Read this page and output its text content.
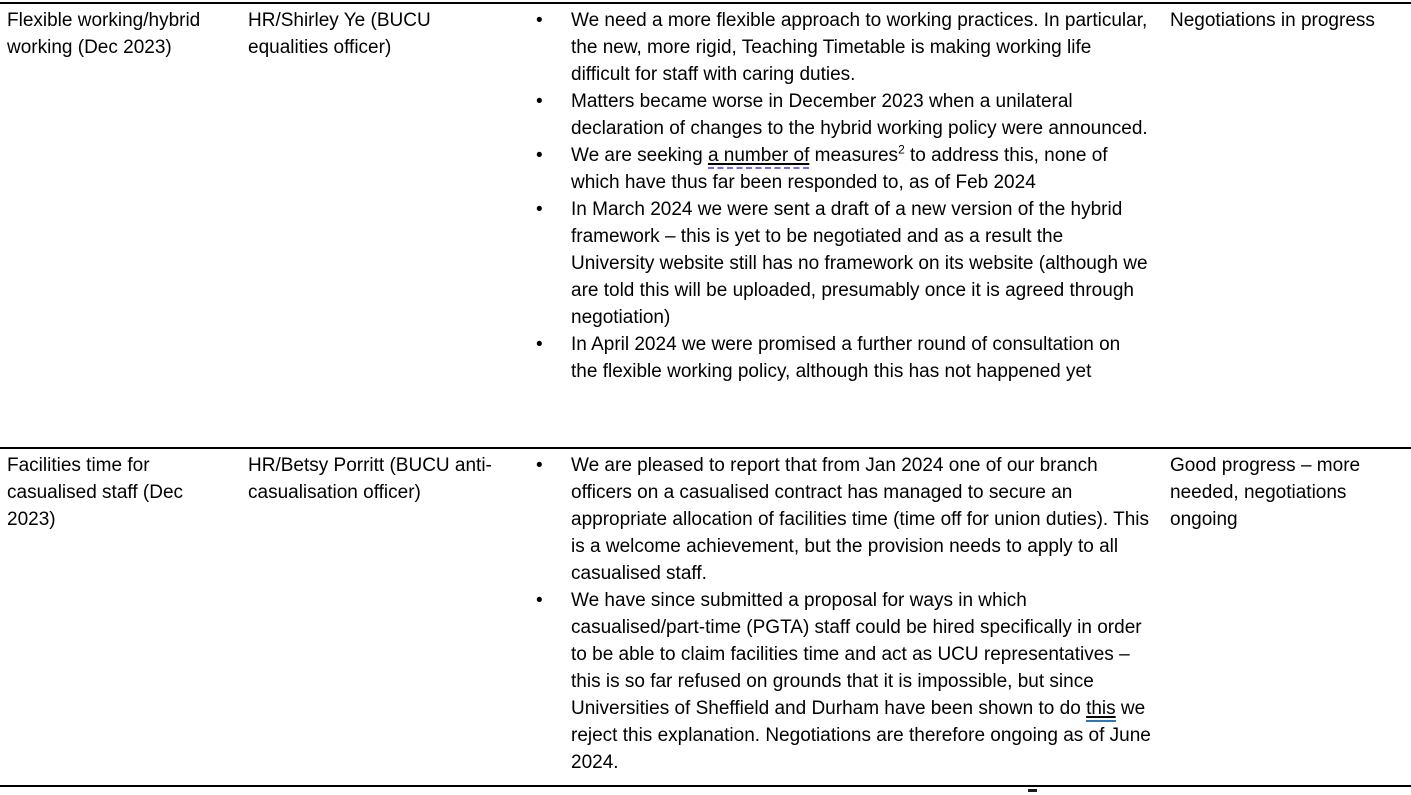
Flexible working/hybrid working (Dec 2023)
HR/Shirley Ye (BUCU equalities officer)
• We need a more flexible approach to working practices. In particular, the new, more rigid, Teaching Timetable is making working life difficult for staff with caring duties.
• Matters became worse in December 2023 when a unilateral declaration of changes to the hybrid working policy were announced.
• We are seeking a number of measures$^2$ to address this, none of which have thus far been responded to, as of Feb 2024
• In March 2024 we were sent a draft of a new version of the hybrid framework – this is yet to be negotiated and as a result the University website still has no framework on its website (although we are told this will be uploaded, presumably once it is agreed through negotiation)
• In April 2024 we were promised a further round of consultation on the flexible working policy, although this has not happened yet
Negotiations in progress
Facilities time for casualised staff (Dec 2023)
HR/Betsy Porritt (BUCU anti-casualisation officer)
• We are pleased to report that from Jan 2024 one of our branch officers on a casualised contract has managed to secure an appropriate allocation of facilities time (time off for union duties). This is a welcome achievement, but the provision needs to apply to all casualised staff.
• We have since submitted a proposal for ways in which casualised/part-time (PGTA) staff could be hired specifically in order to be able to claim facilities time and act as UCU representatives – this is so far refused on grounds that it is impossible, but since Universities of Sheffield and Durham have been shown to do this we reject this explanation. Negotiations are therefore ongoing as of June 2024.
Good progress – more needed, negotiations ongoing
